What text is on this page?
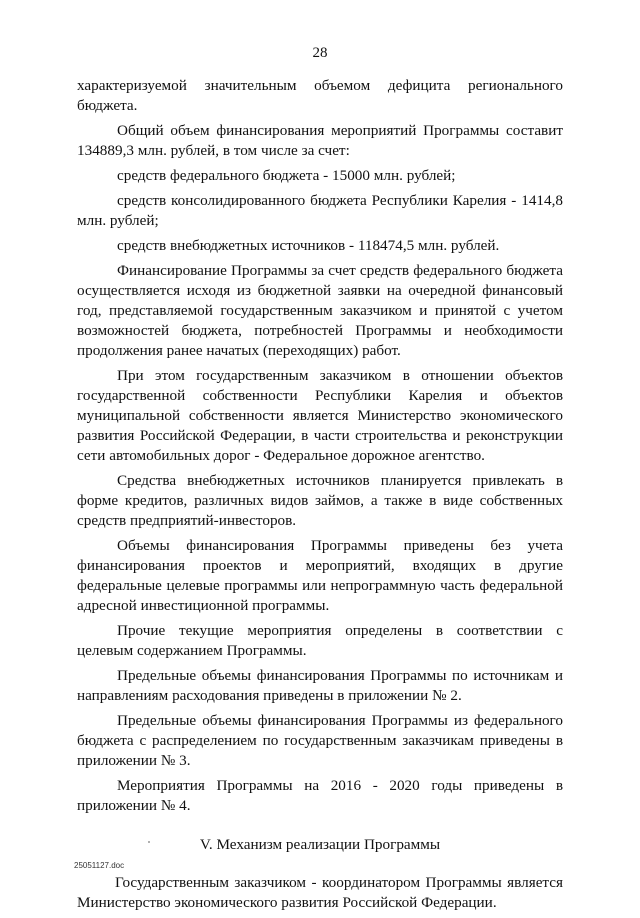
28

характеризуемой значительным объемом дефицита регионального бюджета.

Общий объем финансирования мероприятий Программы составит 134889,3 млн. рублей, в том числе за счет:

средств федерального бюджета - 15000 млн. рублей;

средств консолидированного бюджета Республики Карелия - 1414,8 млн. рублей;

средств внебюджетных источников - 118474,5 млн. рублей.

Финансирование Программы за счет средств федерального бюджета осуществляется исходя из бюджетной заявки на очередной финансовый год, представляемой государственным заказчиком и принятой с учетом возможностей бюджета, потребностей Программы и необходимости продолжения ранее начатых (переходящих) работ.

При этом государственным заказчиком в отношении объектов государственной собственности Республики Карелия и объектов муниципальной собственности является Министерство экономического развития Российской Федерации, в части строительства и реконструкции сети автомобильных дорог - Федеральное дорожное агентство.

Средства внебюджетных источников планируется привлекать в форме кредитов, различных видов займов, а также в виде собственных средств предприятий-инвесторов.

Объемы финансирования Программы приведены без учета финансирования проектов и мероприятий, входящих в другие федеральные целевые программы или непрограммную часть федеральной адресной инвестиционной программы.

Прочие текущие мероприятия определены в соответствии с целевым содержанием Программы.

Предельные объемы финансирования Программы по источникам и направлениям расходования приведены в приложении № 2.

Предельные объемы финансирования Программы из федерального бюджета с распределением по государственным заказчикам приведены в приложении № 3.

Мероприятия Программы на 2016 - 2020 годы приведены в приложении № 4.

V. Механизм реализации Программы

Государственным заказчиком - координатором Программы является Министерство экономического развития Российской Федерации.

25051127.doc
